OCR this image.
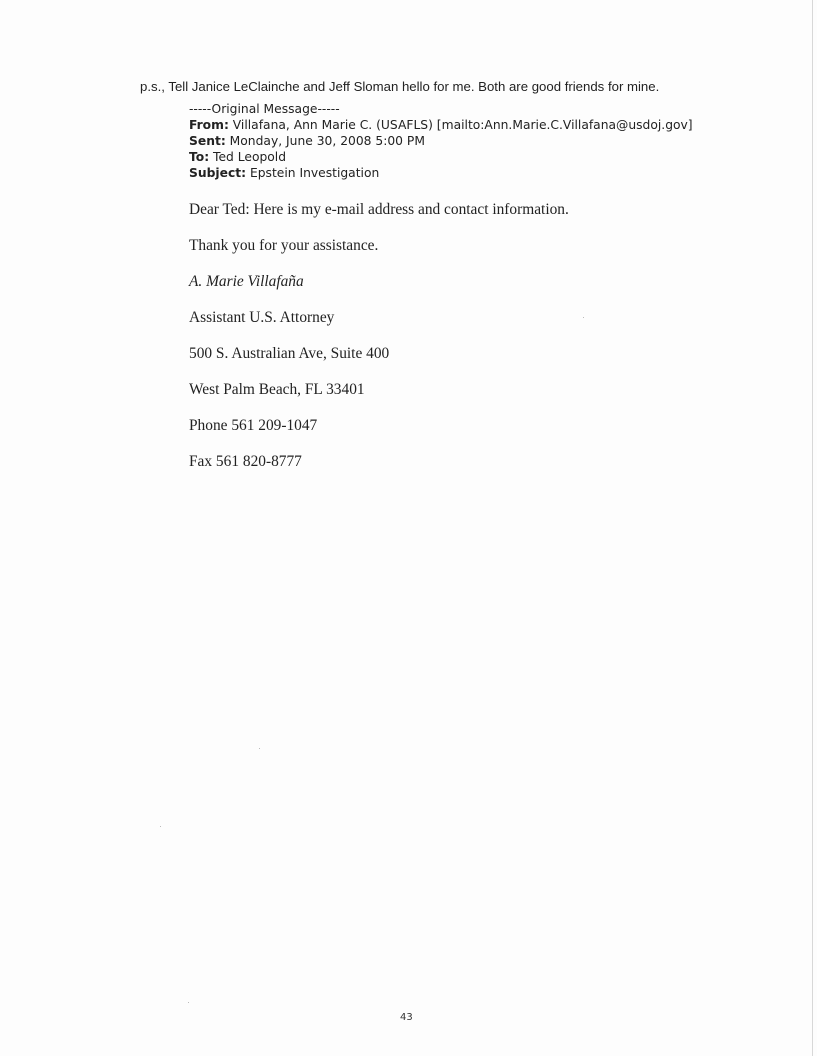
p.s., Tell Janice LeClainche and Jeff Sloman hello for me. Both are good friends for mine.
-----Original Message-----
From: Villafana, Ann Marie C. (USAFLS) [mailto:Ann.Marie.C.Villafana@usdoj.gov]
Sent: Monday, June 30, 2008 5:00 PM
To: Ted Leopold
Subject: Epstein Investigation
Dear Ted: Here is my e-mail address and contact information.
Thank you for your assistance.
A. Marie Villafaña
Assistant U.S. Attorney
500 S. Australian Ave, Suite 400
West Palm Beach, FL 33401
Phone 561 209-1047
Fax 561 820-8777
43
